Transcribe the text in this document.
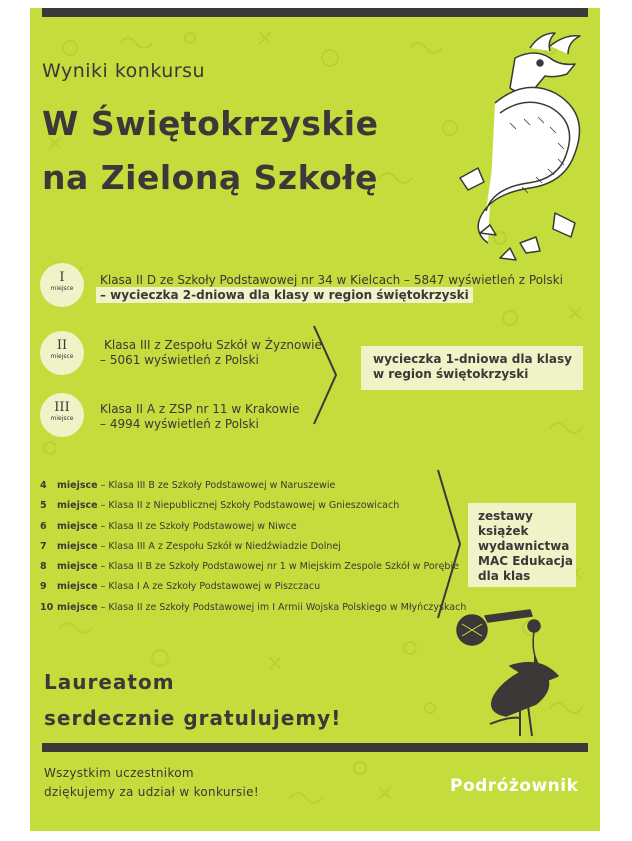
Wyniki konkursu
W Świętokrzyskie
na Zieloną Szkołę
I
miejsce
Klasa II D ze Szkoły Podstawowej nr 34 w Kielcach – 5847 wyświetleń z Polski
– wycieczka 2-dniowa dla klasy w region świętokrzyski
II
miejsce
Klasa III z Zespołu Szkół w Żyznowie
– 5061 wyświetleń z Polski
III
miejsce
Klasa II A z ZSP nr 11 w Krakowie
– 4994 wyświetleń z Polski
wycieczka 1-dniowa dla klasy
w region świętokrzyski
4 miejsce – Klasa III B ze Szkoły Podstawowej w Naruszewie
5 miejsce – Klasa II z Niepublicznej Szkoły Podstawowej w Gnieszowicach
6 miejsce – Klasa II ze Szkoły Podstawowej w Niwce
7 miejsce – Klasa III A z Zespołu Szkół w Niedźwiadzie Dolnej
8 miejsce – Klasa II B ze Szkoły Podstawowej nr 1 w Miejskim Zespole Szkół w Porębie
9 miejsce – Klasa I A ze Szkoły Podstawowej w Piszczacu
10 miejsce – Klasa II ze Szkoły Podstawowej im I Armii Wojska Polskiego w Młyńczyskach
zestawy książek
wydawnictwa
MAC Edukacja
dla klas
Laureatom
serdecznie gratulujemy!
Wszystkim uczestnikom
dziękujemy za udział w konkursie!	Podróżownik
